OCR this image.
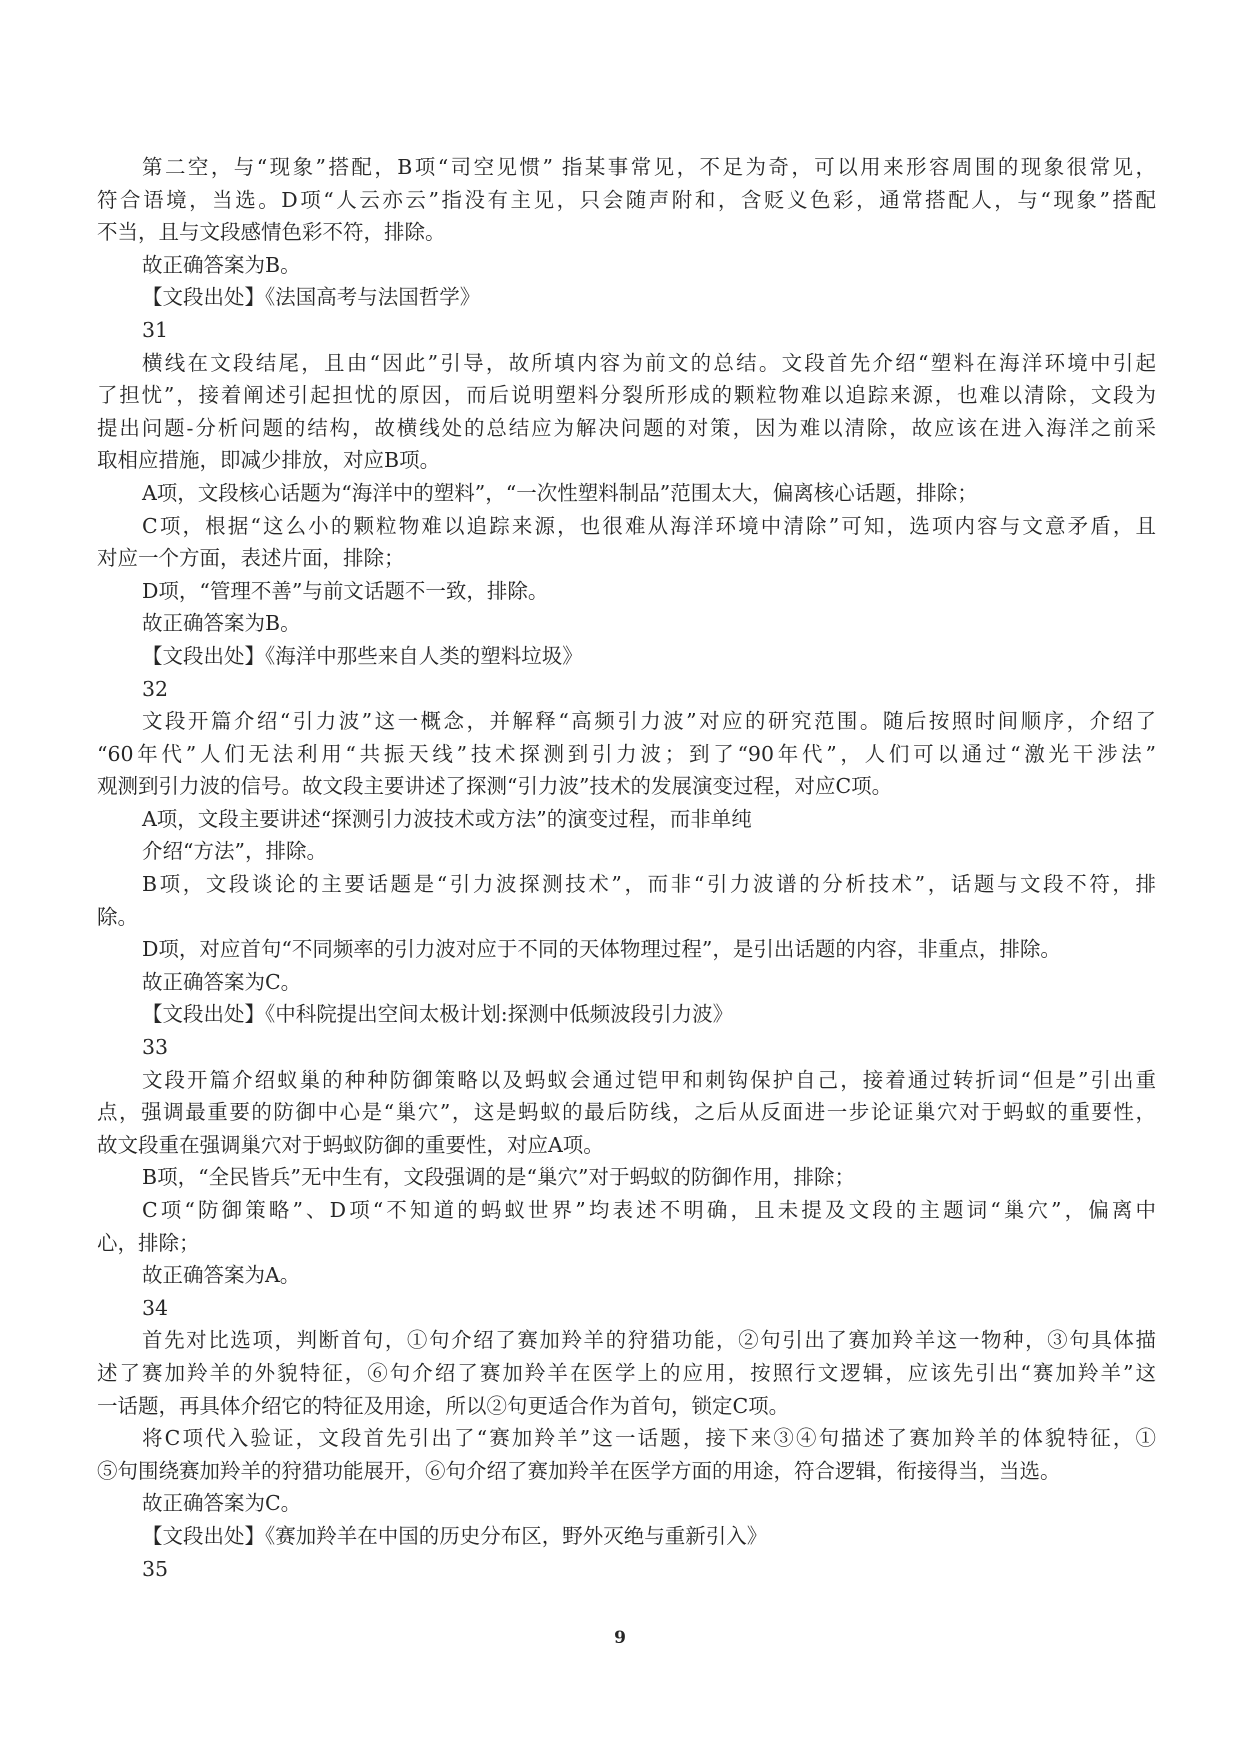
第二空，与“现象”搭配，B项“司空见惯” 指某事常见，不足为奇，可以用来形容周围的现象很常见，
符合语境，当选。D项“人云亦云”指没有主见，只会随声附和，含贬义色彩，通常搭配人，与“现象”搭配
不当，且与文段感情色彩不符，排除。
故正确答案为B。
【文段出处】《法国高考与法国哲学》
31
横线在文段结尾，且由“因此”引导，故所填内容为前文的总结。文段首先介绍“塑料在海洋环境中引起
了担忧”，接着阐述引起担忧的原因，而后说明塑料分裂所形成的颗粒物难以追踪来源，也难以清除，文段为
提出问题-分析问题的结构，故横线处的总结应为解决问题的对策，因为难以清除，故应该在进入海洋之前采
取相应措施，即减少排放，对应B项。
A项，文段核心话题为“海洋中的塑料”，“一次性塑料制品”范围太大，偏离核心话题，排除；
C项，根据“这么小的颗粒物难以追踪来源，也很难从海洋环境中清除”可知，选项内容与文意矛盾，且
对应一个方面，表述片面，排除；
D项，“管理不善”与前文话题不一致，排除。
故正确答案为B。
【文段出处】《海洋中那些来自人类的塑料垃圾》
32
文段开篇介绍“引力波”这一概念，并解释“高频引力波”对应的研究范围。随后按照时间顺序，介绍了
“60年代”人们无法利用“共振天线”技术探测到引力波；到了“90年代”，人们可以通过“激光干涉法”
观测到引力波的信号。故文段主要讲述了探测“引力波”技术的发展演变过程，对应C项。
A项，文段主要讲述“探测引力波技术或方法”的演变过程，而非单纯
介绍“方法”，排除。
B项，文段谈论的主要话题是“引力波探测技术”，而非“引力波谱的分析技术”，话题与文段不符，排
除。
D项，对应首句“不同频率的引力波对应于不同的天体物理过程”，是引出话题的内容，非重点，排除。
故正确答案为C。
【文段出处】《中科院提出空间太极计划:探测中低频波段引力波》
33
文段开篇介绍蚁巢的种种防御策略以及蚂蚁会通过铠甲和刺钩保护自己，接着通过转折词“但是”引出重
点，强调最重要的防御中心是“巢穴”，这是蚂蚁的最后防线，之后从反面进一步论证巢穴对于蚂蚁的重要性，
故文段重在强调巢穴对于蚂蚁防御的重要性，对应A项。
B项，“全民皆兵”无中生有，文段强调的是“巢穴”对于蚂蚁的防御作用，排除；
C项“防御策略”、D项“不知道的蚂蚁世界”均表述不明确，且未提及文段的主题词“巢穴”，偏离中
心，排除；
故正确答案为A。
34
首先对比选项，判断首句，①句介绍了赛加羚羊的狩猎功能，②句引出了赛加羚羊这一物种，③句具体描
述了赛加羚羊的外貌特征，⑥句介绍了赛加羚羊在医学上的应用，按照行文逻辑，应该先引出“赛加羚羊”这
一话题，再具体介绍它的特征及用途，所以②句更适合作为首句，锁定C项。
将C项代入验证，文段首先引出了“赛加羚羊”这一话题，接下来③④句描述了赛加羚羊的体貌特征，①
⑤句围绕赛加羚羊的狩猎功能展开，⑥句介绍了赛加羚羊在医学方面的用途，符合逻辑，衔接得当，当选。
故正确答案为C。
【文段出处】《赛加羚羊在中国的历史分布区，野外灭绝与重新引入》
35
9
